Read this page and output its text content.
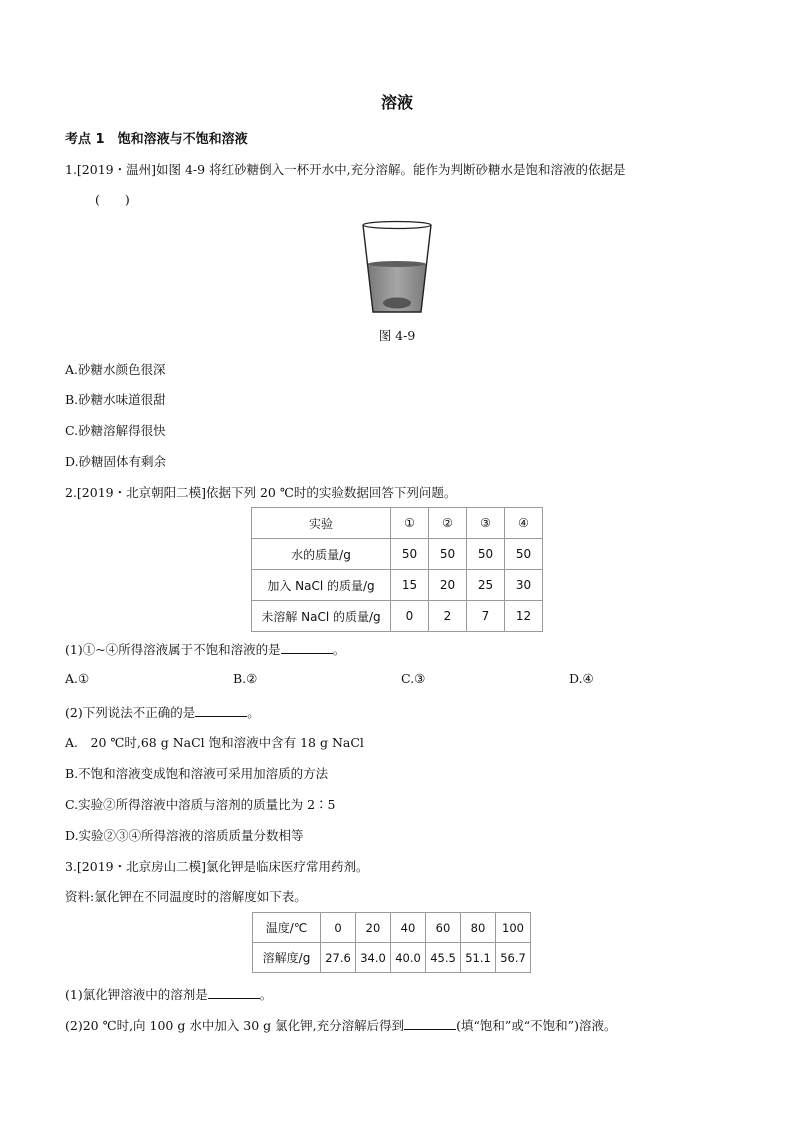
溶液
考点 1　饱和溶液与不饱和溶液
1.[2019・温州]如图 4-9 将红砂糖倒入一杯开水中,充分溶解。能作为判断砂糖水是饱和溶液的依据是
(　　)
图 4-9
A.砂糖水颜色很深
B.砂糖水味道很甜
C.砂糖溶解得很快
D.砂糖固体有剩余
2.[2019・北京朝阳二模]依据下列 20 ℃时的实验数据回答下列问题。
实验	①	②	③	④
水的质量/g	50	50	50	50
加入 NaCl 的质量/g	15	20	25	30
未溶解 NaCl 的质量/g	0	2	7	12
(1)①~④所得溶液属于不饱和溶液的是	。
A.①	B.②	C.③	D.④
(2)下列说法不正确的是	。
A.　20 ℃时,68 g NaCl 饱和溶液中含有 18 g NaCl
B.不饱和溶液变成饱和溶液可采用加溶质的方法
C.实验②所得溶液中溶质与溶剂的质量比为 2∶5
D.实验②③④所得溶液的溶质质量分数相等
3.[2019・北京房山二模]氯化钾是临床医疗常用药剂。
资料:氯化钾在不同温度时的溶解度如下表。
温度/℃	0	20	40	60	80	100
溶解度/g	27.6	34.0	40.0	45.5	51.1	56.7
(1)氯化钾溶液中的溶剂是	。
(2)20 ℃时,向 100 g 水中加入 30 g 氯化钾,充分溶解后得到	(填“饱和”或“不饱和”)溶液。
